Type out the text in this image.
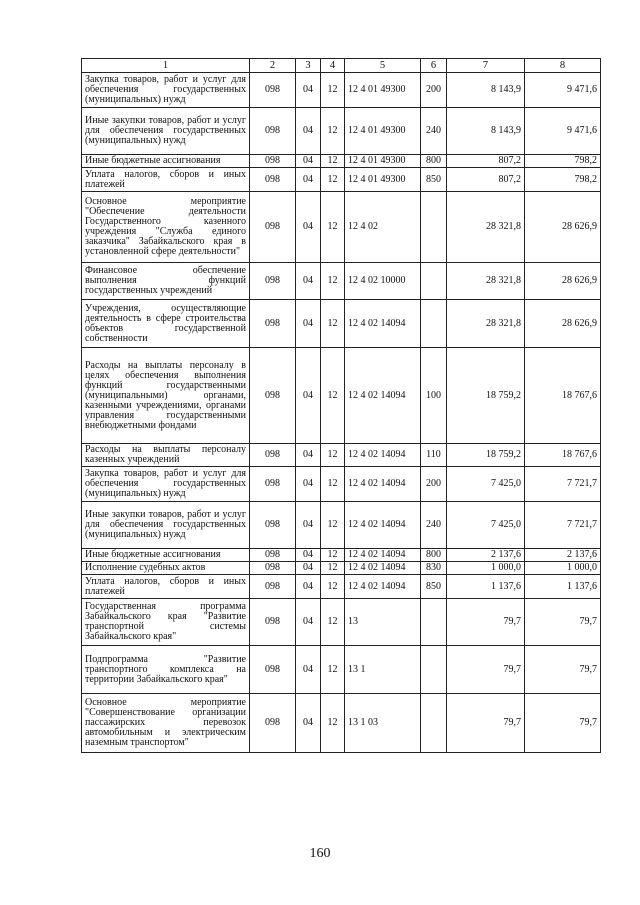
1	2	3	4	5	6	7	8
Закупка товаров, работ и услуг для обеспечения государственных (муниципальных) нужд	098	04	12	12 4 01 49300	200	8 143,9	9 471,6
Иные закупки товаров, работ и услуг для обеспечения государственных (муниципальных) нужд	098	04	12	12 4 01 49300	240	8 143,9	9 471,6
Иные бюджетные ассигнования	098	04	12	12 4 01 49300	800	807,2	798,2
Уплата налогов, сборов и иных платежей	098	04	12	12 4 01 49300	850	807,2	798,2
Основное мероприятие "Обеспечение деятельности Государственного казенного учреждения "Служба единого заказчика" Забайкальского края в установленной сфере деятельности"	098	04	12	12 4 02		28 321,8	28 626,9
Финансовое обеспечение выполнения функций государственных учреждений	098	04	12	12 4 02 10000		28 321,8	28 626,9
Учреждения, осуществляющие деятельность в сфере строительства объектов государственной собственности	098	04	12	12 4 02 14094		28 321,8	28 626,9
Расходы на выплаты персоналу в целях обеспечения выполнения функций государственными (муниципальными) органами, казенными учреждениями, органами управления государственными внебюджетными фондами	098	04	12	12 4 02 14094	100	18 759,2	18 767,6
Расходы на выплаты персоналу казенных учреждений	098	04	12	12 4 02 14094	110	18 759,2	18 767,6
Закупка товаров, работ и услуг для обеспечения государственных (муниципальных) нужд	098	04	12	12 4 02 14094	200	7 425,0	7 721,7
Иные закупки товаров, работ и услуг для обеспечения государственных (муниципальных) нужд	098	04	12	12 4 02 14094	240	7 425,0	7 721,7
Иные бюджетные ассигнования	098	04	12	12 4 02 14094	800	2 137,6	2 137,6
Исполнение судебных актов	098	04	12	12 4 02 14094	830	1 000,0	1 000,0
Уплата налогов, сборов и иных платежей	098	04	12	12 4 02 14094	850	1 137,6	1 137,6
Государственная программа Забайкальского края "Развитие транспортной системы Забайкальского края"	098	04	12	13		79,7	79,7
Подпрограмма "Развитие транспортного комплекса на территории Забайкальского края"	098	04	12	13 1		79,7	79,7
Основное мероприятие "Совершенствование организации пассажирских перевозок автомобильным и электрическим наземным транспортом"	098	04	12	13 1 03		79,7	79,7
160
